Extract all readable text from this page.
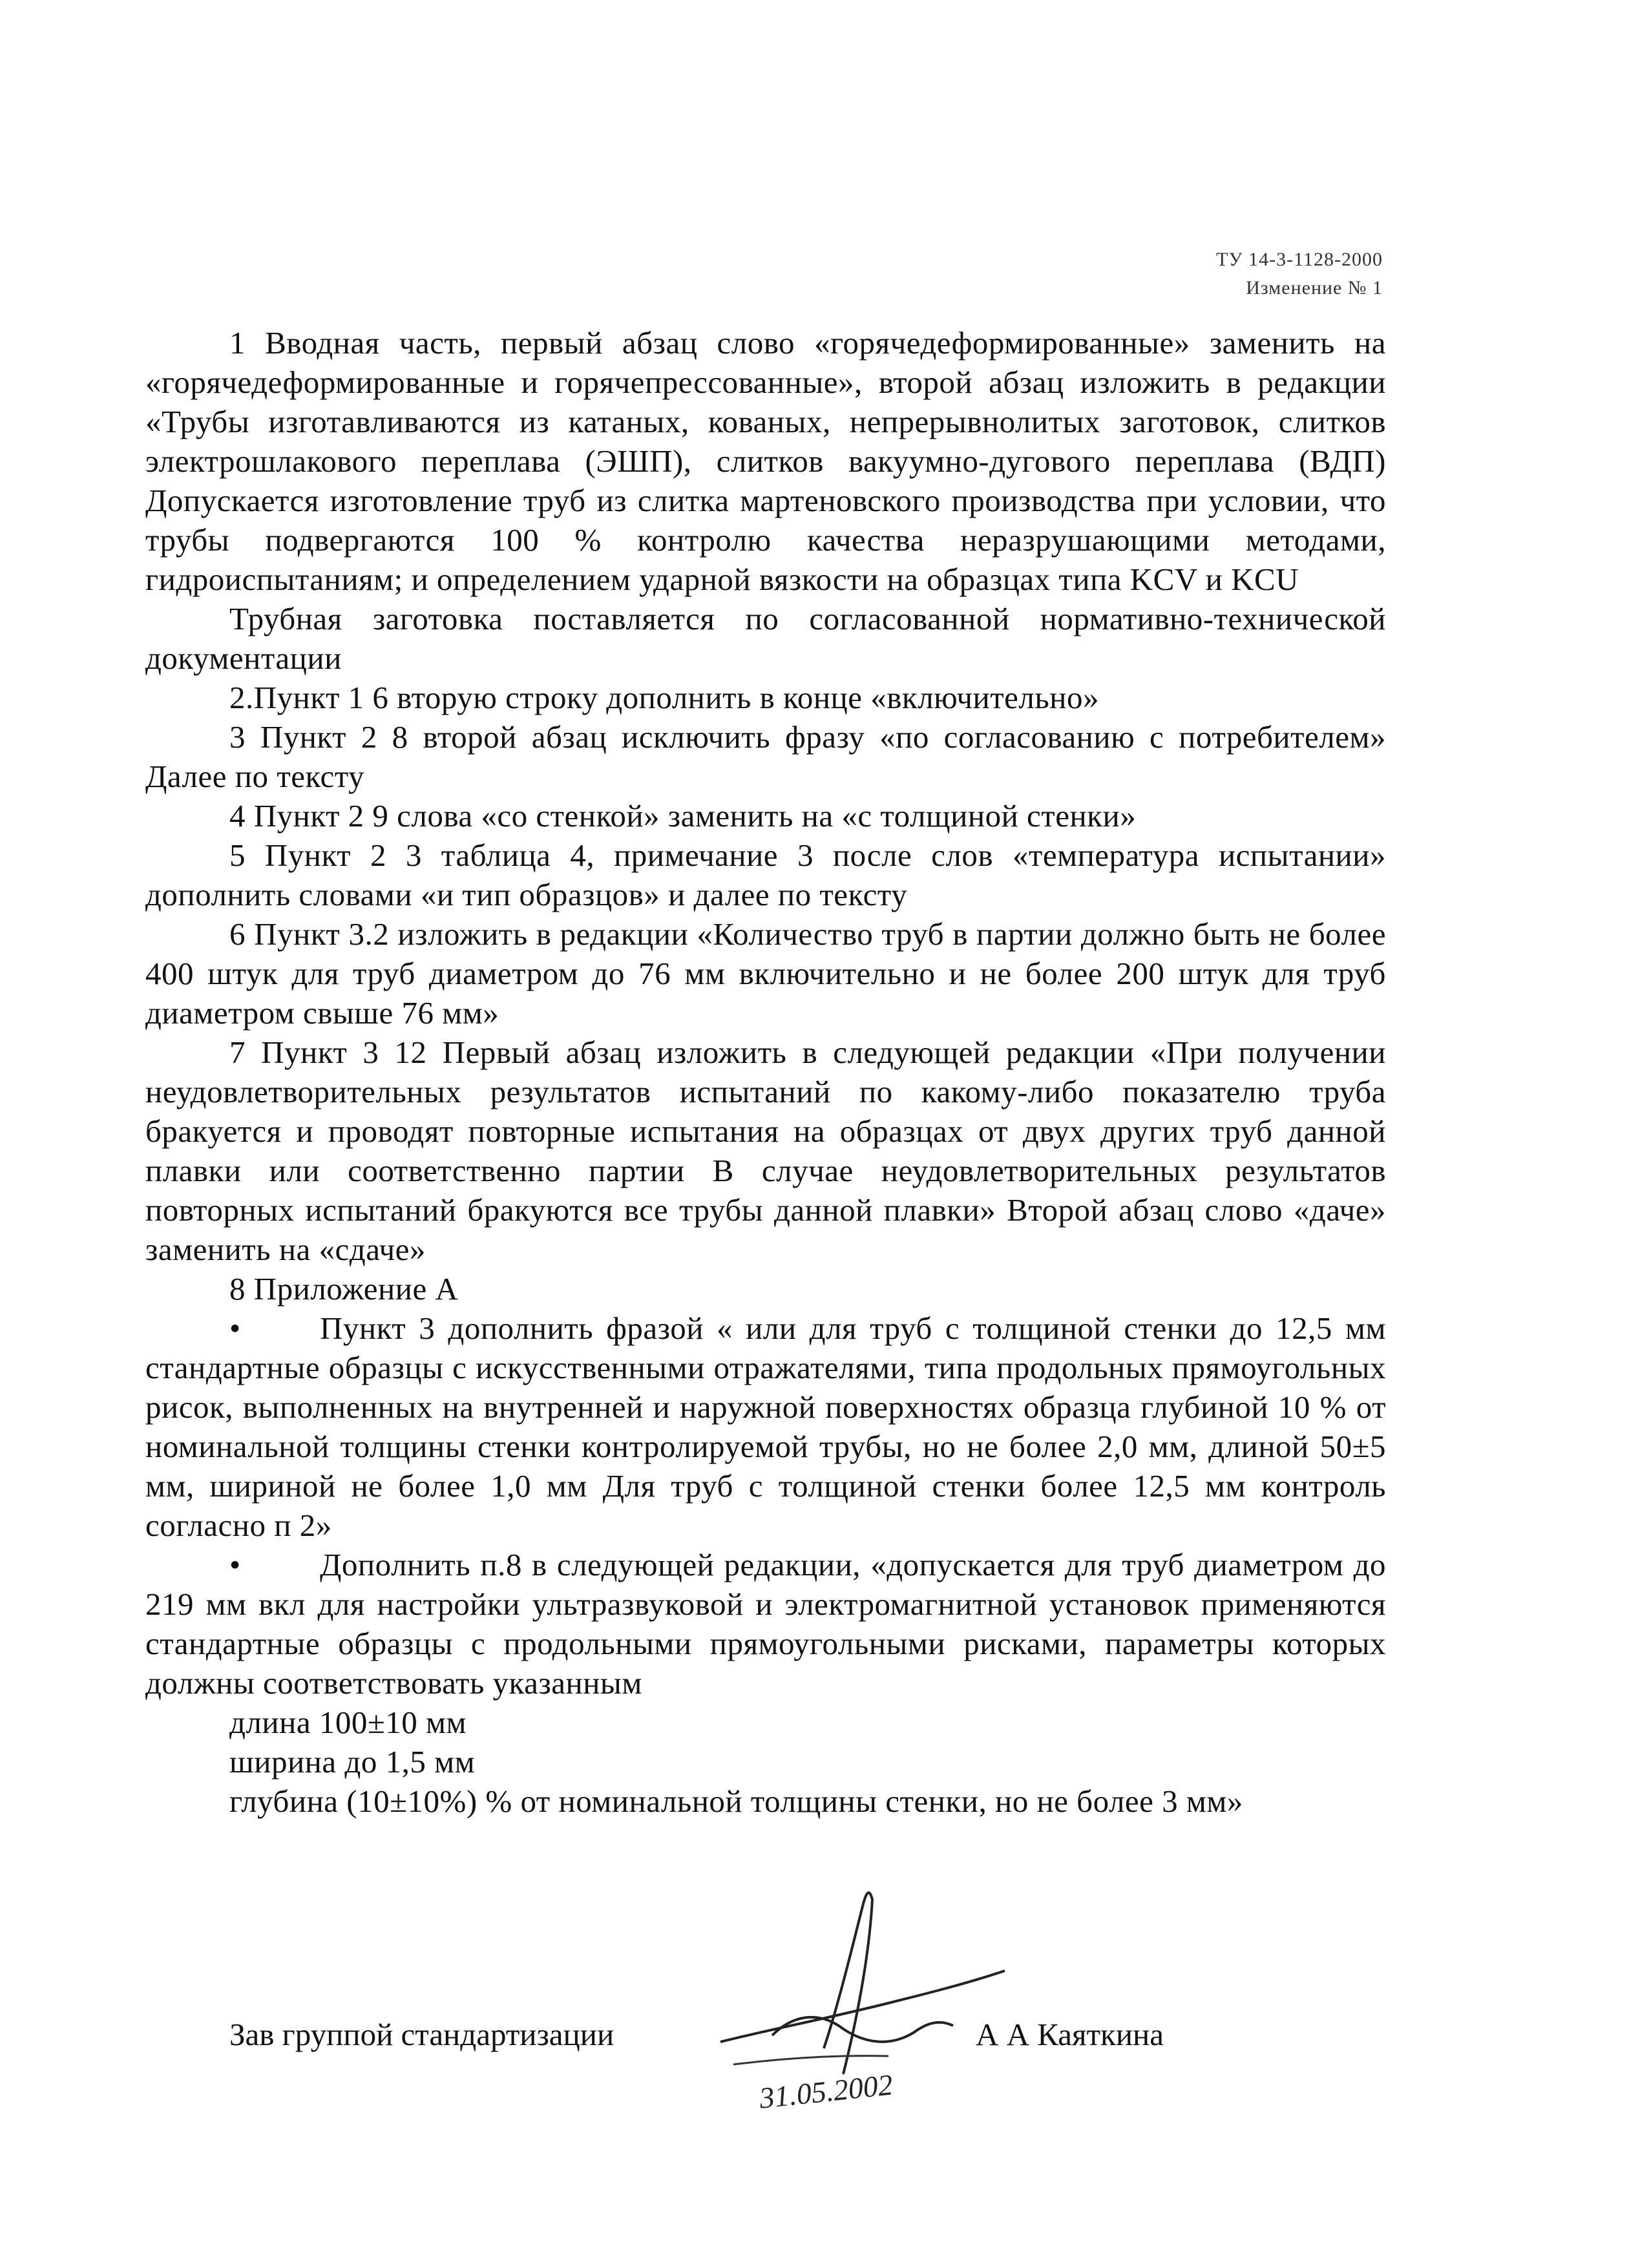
ТУ 14-3-1128-2000
Изменение № 1

1 Вводная часть, первый абзац слово «горячедеформированные» заменить на «горячедеформированные и горячепрессованные», второй абзац изложить в редакции «Трубы изготавливаются из катаных, кованых, непрерывнолитых заготовок, слитков электрошлакового переплава (ЭШП), слитков вакуумно-дугового переплава (ВДП) Допускается изготовление труб из слитка мартеновского производства при условии, что трубы подвергаются 100 % контролю качества неразрушающими методами, гидроиспытаниям; и определением ударной вязкости на образцах типа KCV и KCU

Трубная заготовка поставляется по согласованной нормативно-технической документации

2.Пункт 1 6 вторую строку дополнить в конце «включительно»

3 Пункт 2 8 второй абзац исключить фразу «по согласованию с потребителем» Далее по тексту

4 Пункт 2 9 слова «со стенкой» заменить на «с толщиной стенки»

5 Пункт 2 3 таблица 4, примечание 3 после слов «температура испытании» дополнить словами «и тип образцов» и далее по тексту

6 Пункт 3.2 изложить в редакции «Количество труб в партии должно быть не более 400 штук для труб диаметром до 76 мм включительно и не более 200 штук для труб диаметром свыше 76 мм»

7 Пункт 3 12 Первый абзац изложить в следующей редакции «При получении неудовлетворительных результатов испытаний по какому-либо показателю труба бракуется и проводят повторные испытания на образцах от двух других труб данной плавки или соответственно партии В случае неудовлетворительных результатов повторных испытаний бракуются все трубы данной плавки» Второй абзац слово «даче» заменить на «сдаче»

8 Приложение А

• Пункт 3 дополнить фразой « или для труб с толщиной стенки до 12,5 мм стандартные образцы с искусственными отражателями, типа продольных прямоугольных рисок, выполненных на внутренней и наружной поверхностях образца глубиной 10 % от номинальной толщины стенки контролируемой трубы, но не более 2,0 мм, длиной 50±5 мм, шириной не более 1,0 мм Для труб с толщиной стенки более 12,5 мм контроль согласно п 2»

• Дополнить п.8 в следующей редакции, «допускается для труб диаметром до 219 мм вкл для настройки ультразвуковой и электромагнитной установок применяются стандартные образцы с продольными прямоугольными рисками, параметры которых должны соответствовать указанным

длина 100±10 мм

ширина до 1,5 мм

глубина (10±10%) % от номинальной толщины стенки, но не более 3 мм»

Зав группой стандартизации
31.05.2002
А А Каяткина
